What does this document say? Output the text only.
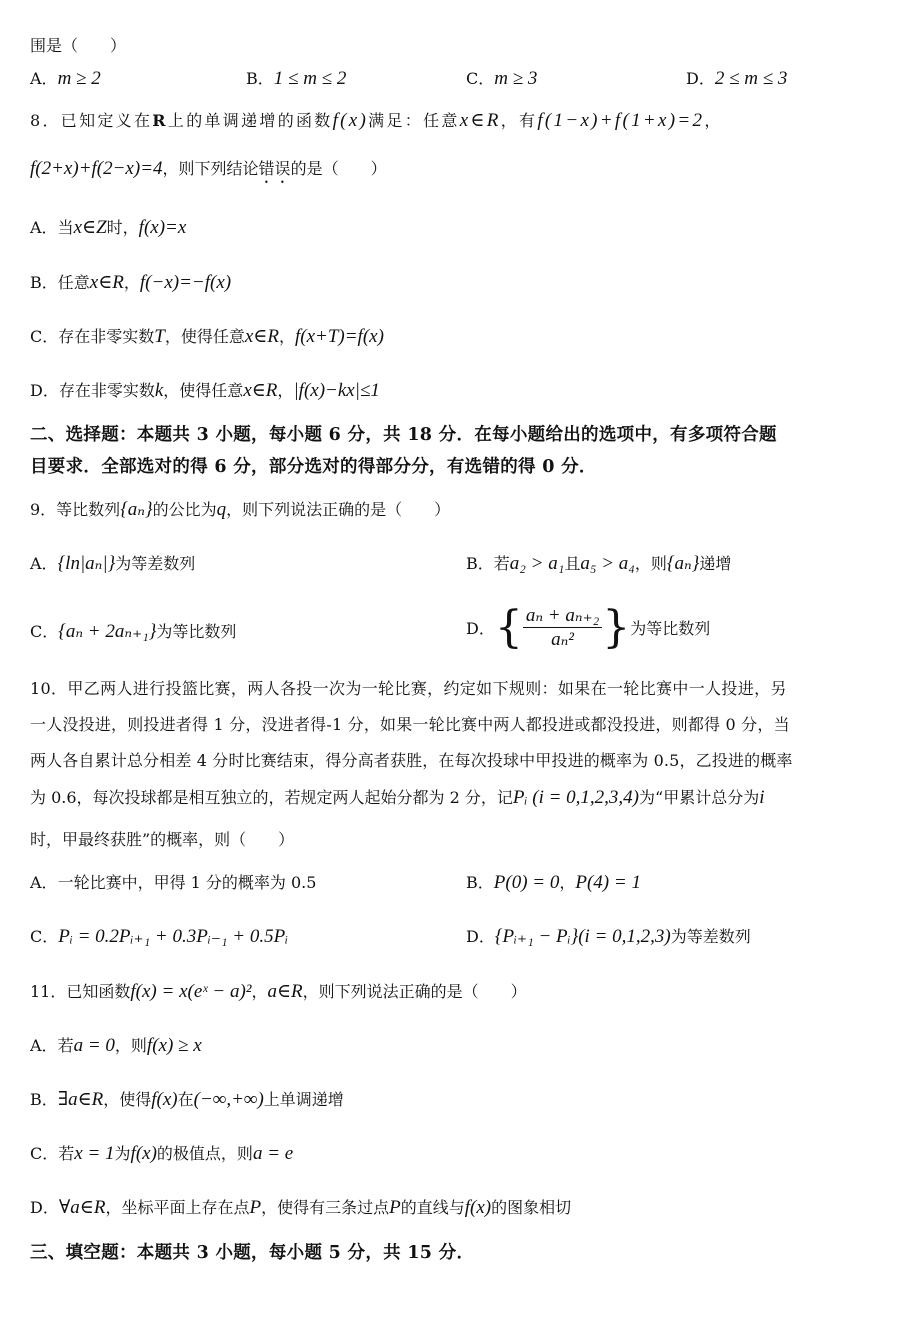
围是（　　）
A．m ≥ 2	B．1 ≤ m ≤ 2	C．m ≥ 3	D．2 ≤ m ≤ 3
8．已知定义在R上的单调递增的函数f(x)满足：任意x∈R，有f(1−x)+f(1+x)=2，
f(2+x)+f(2−x)=4，则下列结论错误的是（　　）
A．当x∈Z时，f(x)=x
B．任意x∈R，f(−x)=−f(x)
C．存在非零实数T，使得任意x∈R，f(x+T)=f(x)
D．存在非零实数k，使得任意x∈R，|f(x)−kx|≤1
二、选择题：本题共 3 小题，每小题 6 分，共 18 分．在每小题给出的选项中，有多项符合题
目要求．全部选对的得 6 分，部分选对的得部分分，有选错的得 0 分．
9．等比数列{aₙ}的公比为q，则下列说法正确的是（　　）
A．{ln|aₙ|}为等差数列	B．若a₂ > a₁且a₅ > a₄，则{aₙ}递增
C．{aₙ + 2aₙ₊₁}为等比数列	D． { $\frac{\text{aₙ + aₙ₊₂}}{\text{aₙ²}}$ } 为等比数列
10．甲乙两人进行投篮比赛，两人各投一次为一轮比赛，约定如下规则：如果在一轮比赛中一人投进，另
一人没投进，则投进者得 1 分，没进者得-1 分，如果一轮比赛中两人都投进或都没投进，则都得 0 分，当
两人各自累计总分相差 4 分时比赛结束，得分高者获胜，在每次投球中甲投进的概率为 0.5，乙投进的概率
为 0.6，每次投球都是相互独立的，若规定两人起始分都为 2 分，记Pᵢ (i = 0,1,2,3,4)为“甲累计总分为i
时，甲最终获胜”的概率，则（　　）
A．一轮比赛中，甲得 1 分的概率为 0.5	B．P(0) = 0，P(4) = 1
C．Pᵢ = 0.2Pᵢ₊₁ + 0.3Pᵢ₋₁ + 0.5Pᵢ	D．{Pᵢ₊₁ − Pᵢ}(i = 0,1,2,3)为等差数列
11．已知函数f(x) = x(eˣ − a)²，a∈R，则下列说法正确的是（　　）
A．若a = 0，则f(x) ≥ x
B．∃a∈R，使得f(x)在(−∞,+∞)上单调递增
C．若x = 1为f(x)的极值点，则a = e
D．∀a∈R，坐标平面上存在点P，使得有三条过点P的直线与f(x)的图象相切
三、填空题：本题共 3 小题，每小题 5 分，共 15 分．
